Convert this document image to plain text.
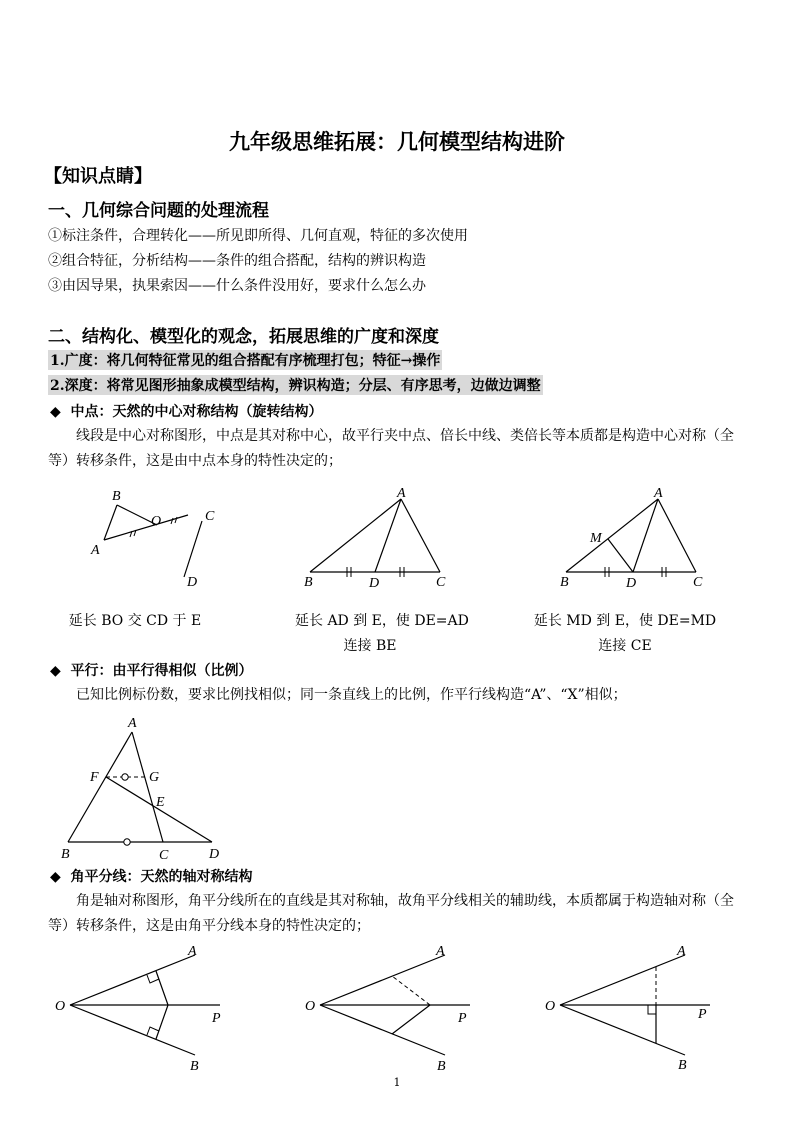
九年级思维拓展：几何模型结构进阶
【知识点睛】
一、几何综合问题的处理流程
①标注条件，合理转化——所见即所得、几何直观，特征的多次使用
②组合特征，分析结构——条件的组合搭配，结构的辨识构造
③由因导果，执果索因——什么条件没用好，要求什么怎么办
二、结构化、模型化的观念，拓展思维的广度和深度
1.广度：将几何特征常见的组合搭配有序梳理打包；特征→操作
2.深度：将常见图形抽象成模型结构，辨识构造；分层、有序思考，边做边调整
◆ 中点：天然的中心对称结构（旋转结构）
线段是中心对称图形，中点是其对称中心，故平行夹中点、倍长中线、类倍长等本质都是构造中心对称（全等）转移条件，这是由中点本身的特性决定的；
B
O	C
A
D
延长 BO 交 CD 于 E
A
B	D	C
延长 AD 到 E，使 DE=AD
连接 BE
A
M
B	D	C
延长 MD 到 E，使 DE=MD
连接 CE
◆ 平行：由平行得相似（比例）
已知比例标份数，要求比例找相似；同一条直线上的比例，作平行线构造“A”、“X”相似；
A
F	G
E
B	C	D
◆ 角平分线：天然的轴对称结构
角是轴对称图形，角平分线所在的直线是其对称轴，故角平分线相关的辅助线，本质都属于构造轴对称（全等）转移条件，这是由角平分线本身的特性决定的；
A
O
P
B
A
O
P
B
A
O
P
B
1
